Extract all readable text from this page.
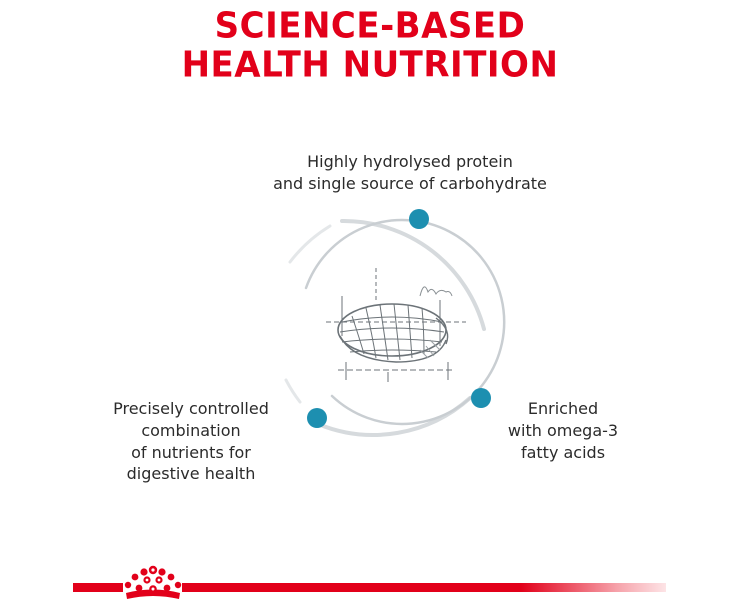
SCIENCE-BASED
HEALTH NUTRITION
Highly hydrolysed protein
and single source of carbohydrate
Precisely controlled
combination
of nutrients for
digestive health
Enriched
with omega-3
fatty acids
